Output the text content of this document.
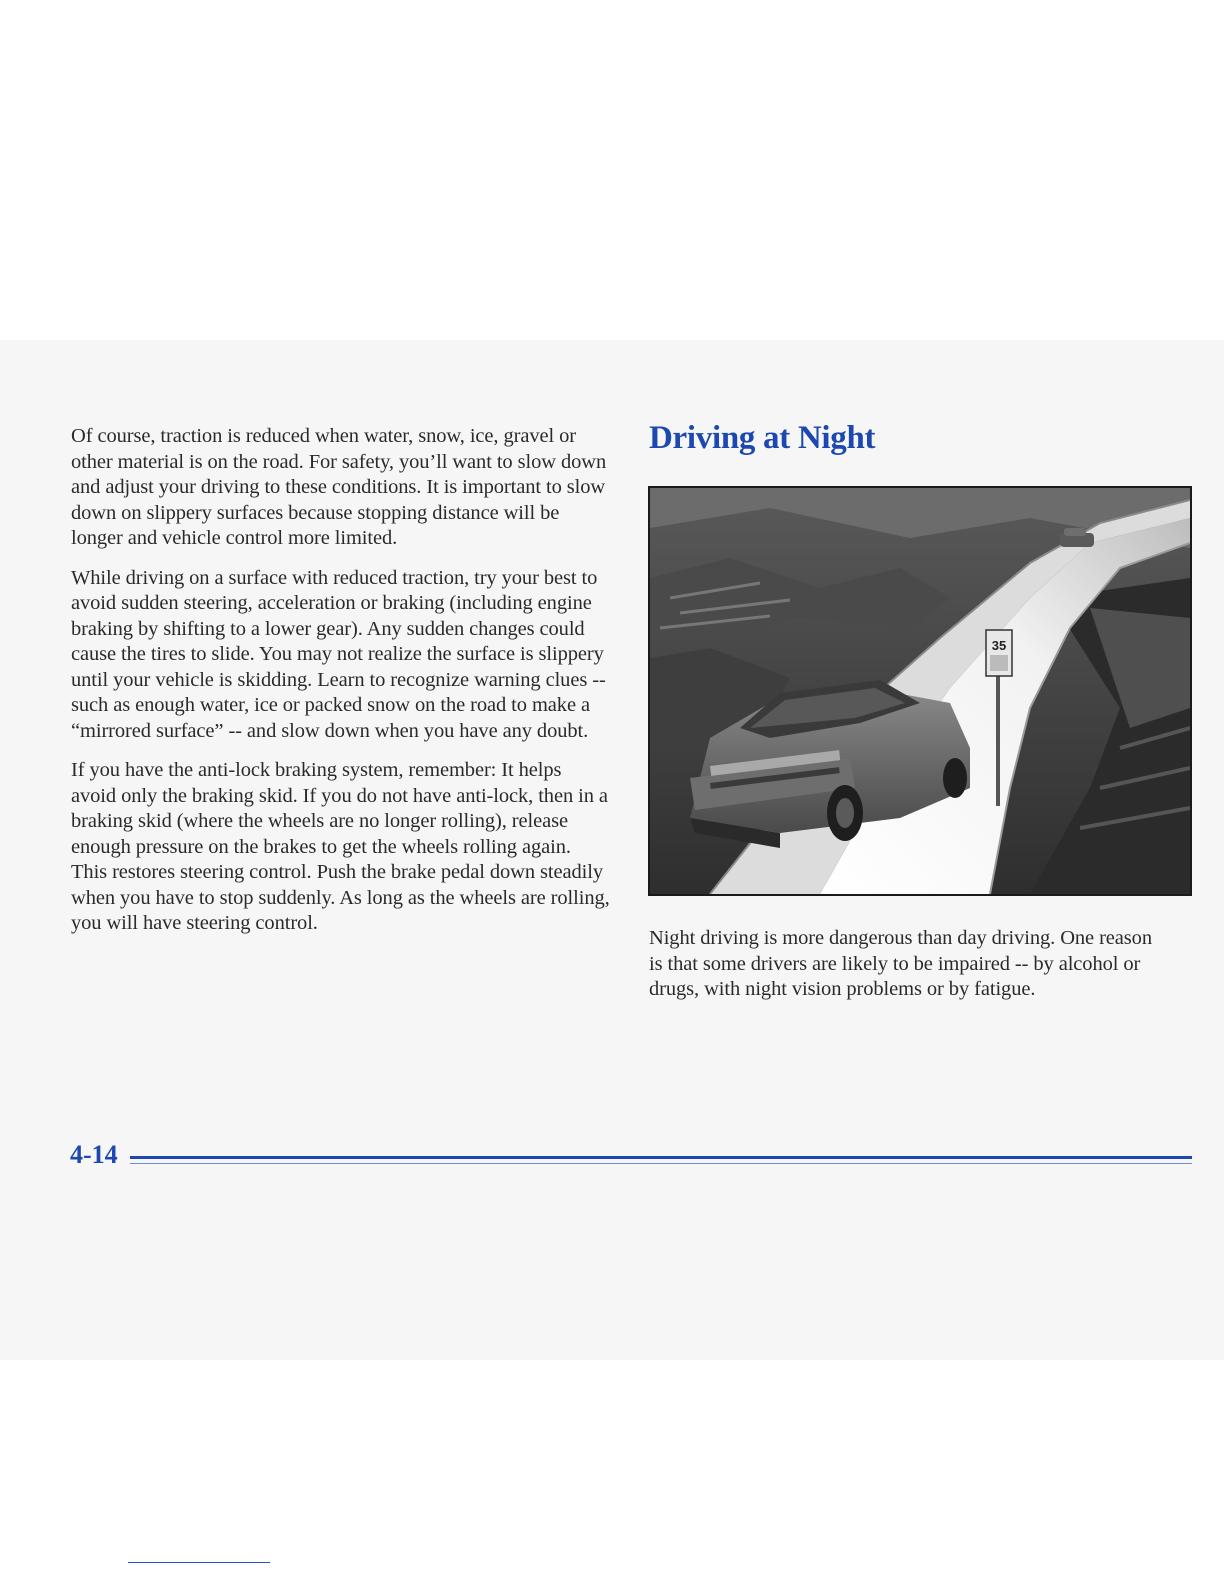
Of course, traction is reduced when water, snow, ice, gravel or other material is on the road. For safety, you’ll want to slow down and adjust your driving to these conditions. It is important to slow down on slippery surfaces because stopping distance will be longer and vehicle control more limited.

While driving on a surface with reduced traction, try your best to avoid sudden steering, acceleration or braking (including engine braking by shifting to a lower gear). Any sudden changes could cause the tires to slide. You may not realize the surface is slippery until your vehicle is skidding. Learn to recognize warning clues -- such as enough water, ice or packed snow on the road to make a “mirrored surface” -- and slow down when you have any doubt.

If you have the anti-lock braking system, remember: It helps avoid only the braking skid. If you do not have anti-lock, then in a braking skid (where the wheels are no longer rolling), release enough pressure on the brakes to get the wheels rolling again. This restores steering control. Push the brake pedal down steadily when you have to stop suddenly. As long as the wheels are rolling, you will have steering control.

Driving at Night
35

Night driving is more dangerous than day driving. One reason is that some drivers are likely to be impaired -- by alcohol or drugs, with night vision problems or by fatigue.

4-14
